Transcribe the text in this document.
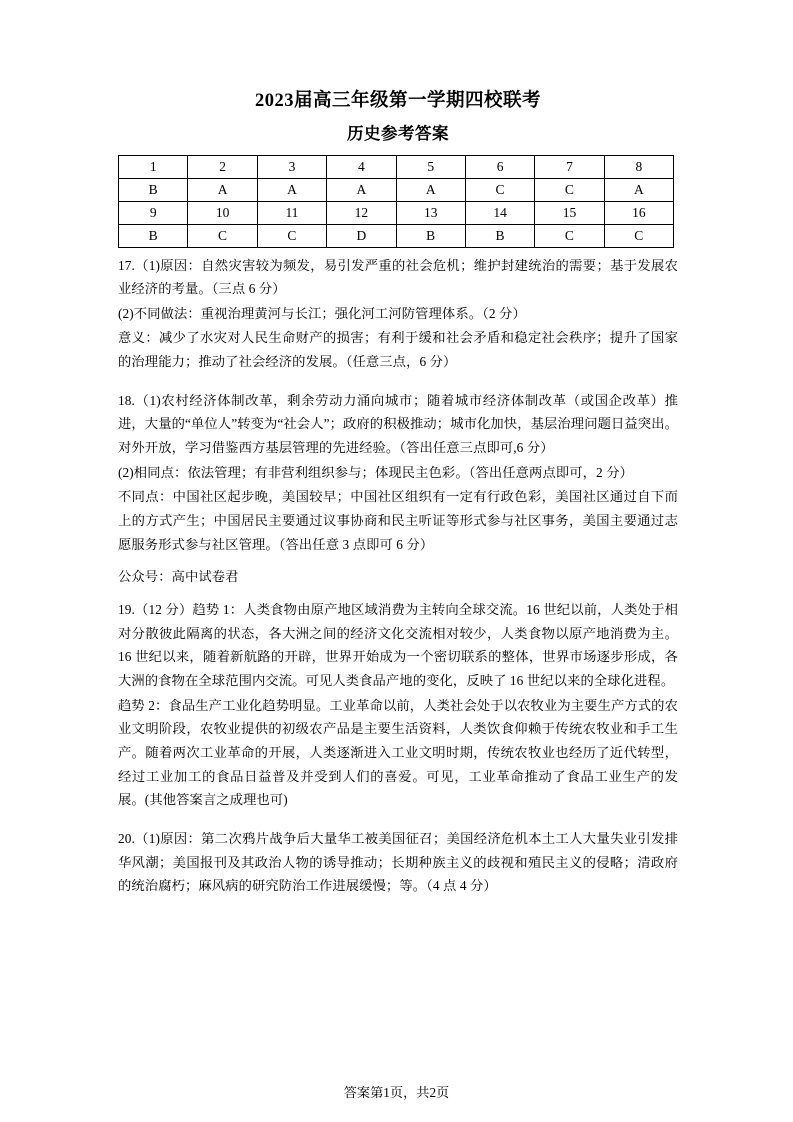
2023届高三年级第一学期四校联考
历史参考答案
1	2	3	4	5	6	7	8
B	A	A	A	A	C	C	A
9	10	11	12	13	14	15	16
B	C	C	D	B	B	C	C

17.（1)原因：自然灾害较为频发，易引发严重的社会危机；维护封建统治的需要；基于发展农业经济的考量。（三点 6 分）

(2)不同做法：重视治理黄河与长江；强化河工河防管理体系。（2 分）

意义：减少了水灾对人民生命财产的损害；有利于缓和社会矛盾和稳定社会秩序；提升了国家的治理能力；推动了社会经济的发展。（任意三点，6 分）

18.（1)农村经济体制改革，剩余劳动力涌向城市；随着城市经济体制改革（或国企改革）推进，大量的“单位人”转变为“社会人”；政府的积极推动；城市化加快，基层治理问题日益突出。对外开放，学习借鉴西方基层管理的先进经验。（答出任意三点即可,6 分）

(2)相同点：依法管理；有非营利组织参与；体现民主色彩。（答出任意两点即可，2 分）

不同点：中国社区起步晚，美国较早；中国社区组织有一定有行政色彩，美国社区通过自下而上的方式产生；中国居民主要通过议事协商和民主听证等形式参与社区事务，美国主要通过志愿服务形式参与社区管理。（答出任意 3 点即可 6 分）

公众号：高中试卷君

19.（12 分）趋势 1：人类食物由原产地区域消费为主转向全球交流。16 世纪以前，人类处于相对分散彼此隔离的状态，各大洲之间的经济文化交流相对较少，人类食物以原产地消费为主。16 世纪以来，随着新航路的开辟，世界开始成为一个密切联系的整体，世界市场逐步形成，各大洲的食物在全球范围内交流。可见人类食品产地的变化，反映了 16 世纪以来的全球化进程。

趋势 2：食品生产工业化趋势明显。工业革命以前，人类社会处于以农牧业为主要生产方式的农业文明阶段，农牧业提供的初级农产品是主要生活资料，人类饮食仰赖于传统农牧业和手工生产。随着两次工业革命的开展，人类逐渐进入工业文明时期，传统农牧业也经历了近代转型，经过工业加工的食品日益普及并受到人们的喜爱。可见，工业革命推动了食品工业生产的发展。(其他答案言之成理也可)

20.（1)原因：第二次鸦片战争后大量华工被美国征召；美国经济危机本土工人大量失业引发排华风潮；美国报刊及其政治人物的诱导推动；长期种族主义的歧视和殖民主义的侵略；清政府的统治腐朽；麻风病的研究防治工作进展缓慢；等。（4 点 4 分）

答案第1页，共2页
